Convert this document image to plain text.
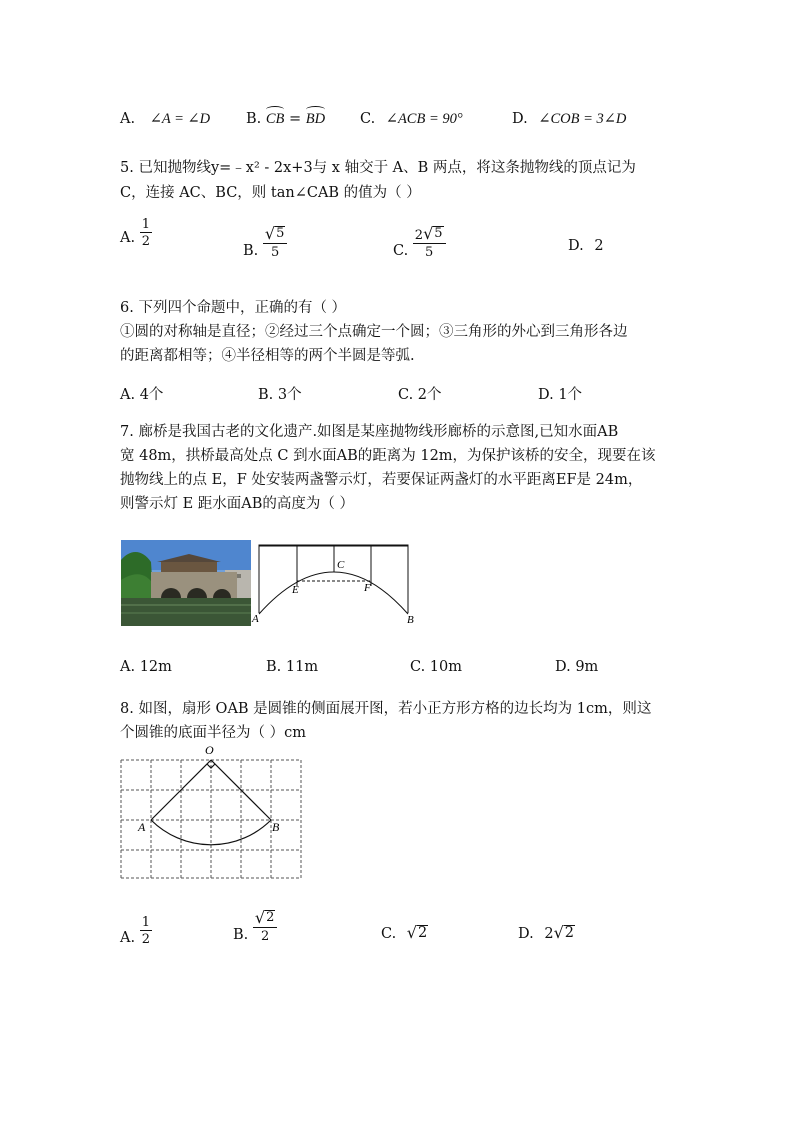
A. ∠A = ∠D B. CB = BD C. ∠ACB = 90°	D. ∠COB = 3∠D
5. 已知抛物线y=﹣x² - 2x+3与 x 轴交于 A、B 两点，将这条抛物线的顶点记为
C，连接 AC、BC，则 tan∠CAB 的值为（ ）
A. $\frac{1}{2}$
B. $\frac{√ 5}{5}$	C. $\frac{2 √ 5}{5}$	D. 2
6. 下列四个命题中，正确的有（ ）
①圆的对称轴是直径；②经过三个点确定一个圆；③三角形的外心到三角形各边
的距离都相等；④半径相等的两个半圆是等弧.
A. 4个	B. 3个	C. 2个	D. 1个
7. 廊桥是我国古老的文化遗产.如图是某座抛物线形廊桥的示意图,已知水面AB
宽 48m，拱桥最高处点 C 到水面AB的距离为 12m，为保护该桥的安全，现要在该
抛物线上的点 E，F 处安装两盏警示灯，若要保证两盏灯的水平距离EF是 24m，
则警示灯 E 距水面AB的高度为（ ）
A	B
C
E	F
A. 12m	B. 11m	C. 10m	D. 9m
8. 如图，扇形 OAB 是圆锥的侧面展开图，若小正方形方格的边长均为 1cm，则这
个圆锥的底面半径为（ ）cm
O
A	B
A. $\frac{1}{2}$	B. $\frac{√ 2}{2}$	C. √ 2	D. 2 √ 2
